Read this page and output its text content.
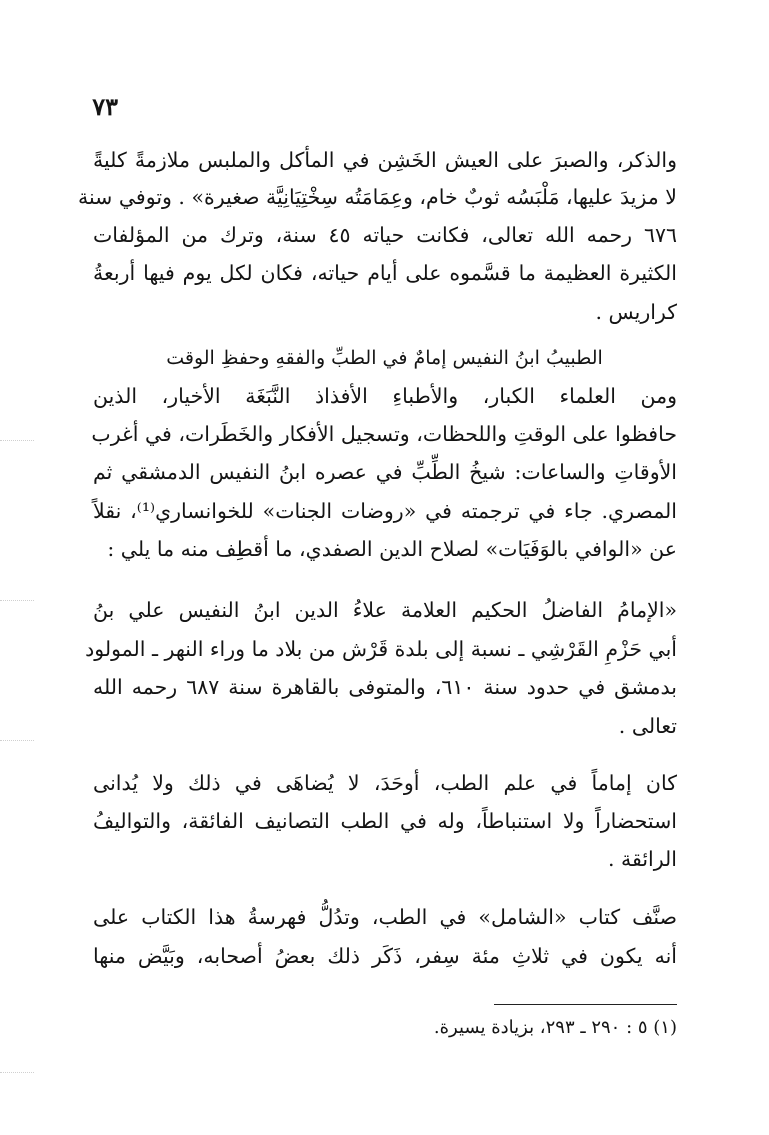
٧٣
والذكر، والصبرَ على العيش الخَشِن في المأكل والملبس ملازمةً كليةً
لا مزيدَ عليها، مَلْبَسُه ثوبٌ خام، وعِمَامَتُه سِخْتِيَانِيَّة صغيرة» . وتوفي سنة
٦٧٦ رحمه الله تعالى، فكانت حياته ٤٥ سنة، وترك من المؤلفات
الكثيرة العظيمة ما قسَّموه على أيام حياته، فكان لكل يوم فيها أربعةُ
كراريس .
الطبيبُ ابنُ النفيس إمامٌ في الطبِّ والفقهِ وحفظِ الوقت
ومن العلماء الكبار، والأطباءِ الأفذاذ النَّبَغَة الأخيار، الذين
حافظوا على الوقتِ واللحظات، وتسجيل الأفكار والخَطَرات، في أغرب
الأوقاتِ والساعات: شيخُ الطِّبِّ في عصره ابنُ النفيس الدمشقي ثم
المصري. جاء في ترجمته في «روضات الجنات» للخوانساري⁽¹⁾، نقلاً
عن «الوافي بالوَفَيَات» لصلاح الدين الصفدي، ما أقطِف منه ما يلي :
«الإمامُ الفاضلُ الحكيم العلامة علاءُ الدين ابنُ النفيس علي بنُ
أبي حَزْمِ القَرْشِي ـ نسبة إلى بلدة قَرْش من بلاد ما وراء النهر ـ المولود
بدمشق في حدود سنة ٦١٠، والمتوفى بالقاهرة سنة ٦٨٧ رحمه الله
تعالى .
كان إماماً في علم الطب، أوحَدَ، لا يُضاهَى في ذلك ولا يُدانى
استحضاراً ولا استنباطاً، وله في الطب التصانيف الفائقة، والتواليفُ
الرائقة .
صنَّف كتاب «الشامل» في الطب، وتدُلُّ فهرسةُ هذا الكتاب على
أنه يكون في ثلاثِ مئة سِفر، ذَكَر ذلك بعضُ أصحابه، وبَيَّض منها
(١) ٥ : ٢٩٠ ـ ٢٩٣، بزيادة يسيرة.
